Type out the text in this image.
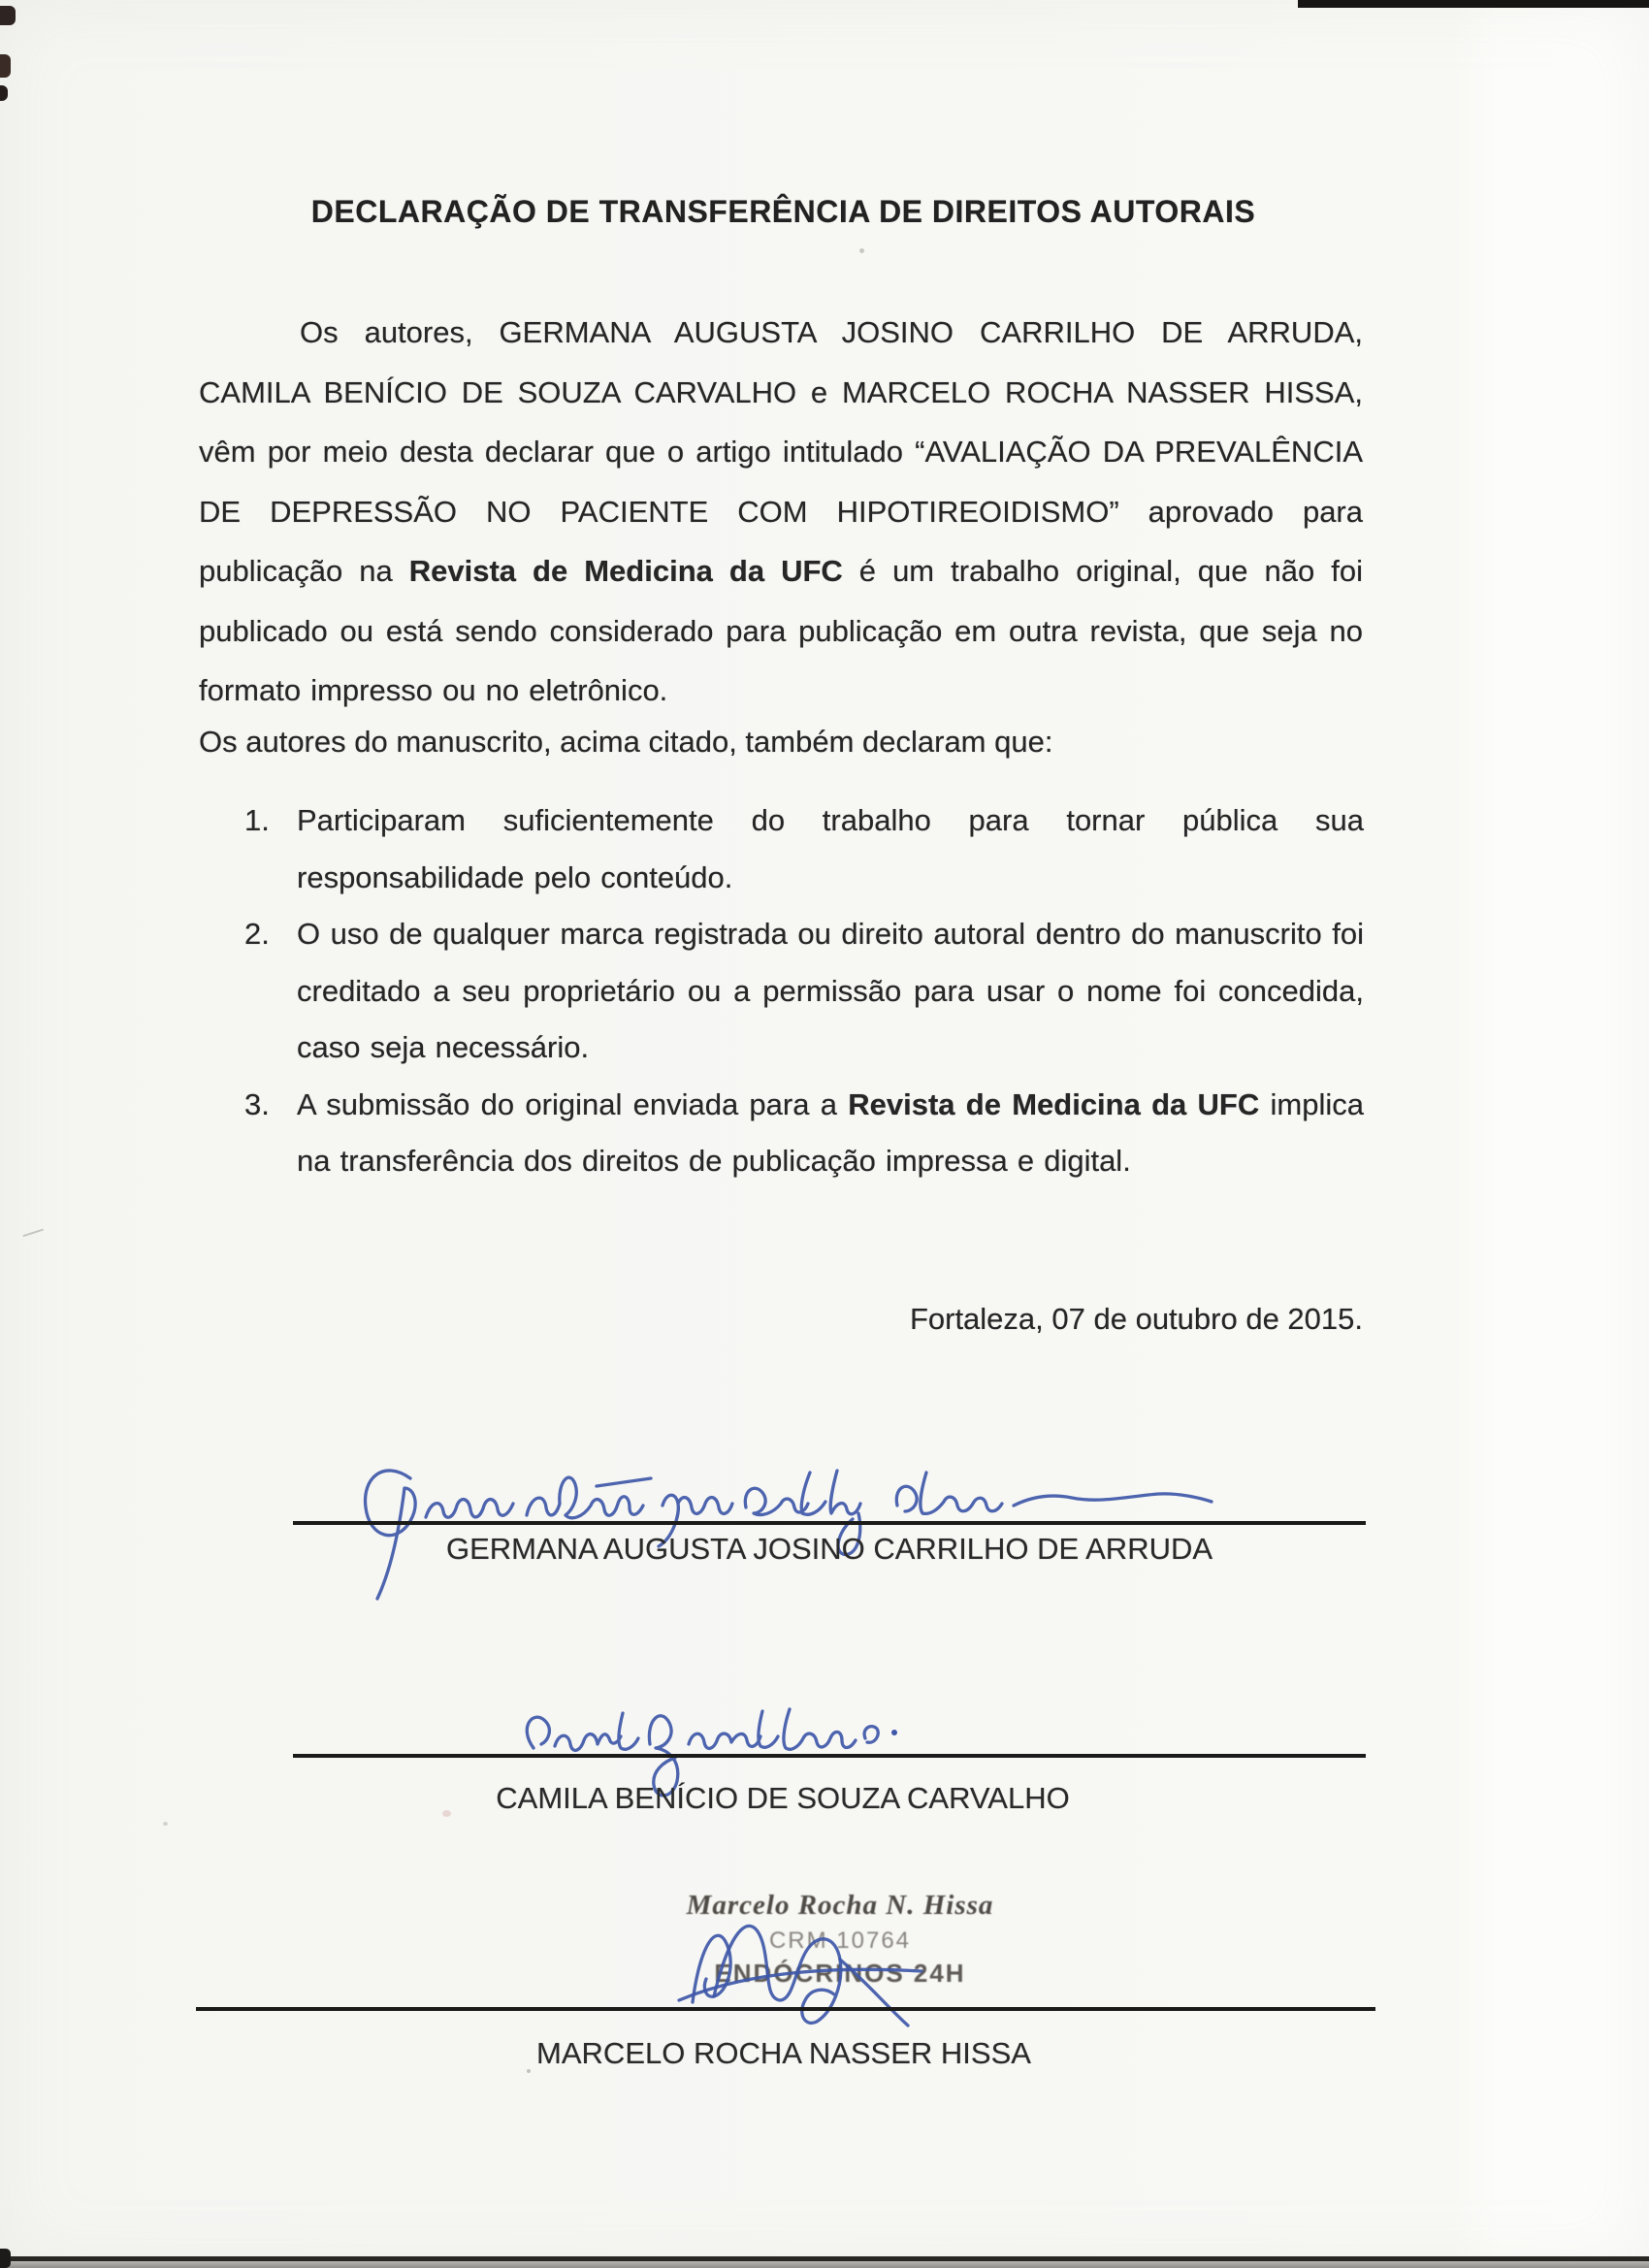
DECLARAÇÃO DE TRANSFERÊNCIA DE DIREITOS AUTORAIS

Os autores, GERMANA AUGUSTA JOSINO CARRILHO DE ARRUDA, CAMILA BENÍCIO DE SOUZA CARVALHO e MARCELO ROCHA NASSER HISSA, vêm por meio desta declarar que o artigo intitulado “AVALIAÇÃO DA PREVALÊNCIA DE DEPRESSÃO NO PACIENTE COM HIPOTIREOIDISMO” aprovado para publicação na Revista de Medicina da UFC é um trabalho original, que não foi publicado ou está sendo considerado para publicação em outra revista, que seja no formato impresso ou no eletrônico.

Os autores do manuscrito, acima citado, também declaram que:

1. Participaram suficientemente do trabalho para tornar pública sua responsabilidade pelo conteúdo.
2. O uso de qualquer marca registrada ou direito autoral dentro do manuscrito foi creditado a seu proprietário ou a permissão para usar o nome foi concedida, caso seja necessário.
3. A submissão do original enviada para a Revista de Medicina da UFC implica na transferência dos direitos de publicação impressa e digital.

Fortaleza, 07 de outubro de 2015.

GERMANA AUGUSTA JOSINO CARRILHO DE ARRUDA

CAMILA BENÍCIO DE SOUZA CARVALHO

Marcelo Rocha N. Hissa
CRM 10764
ENDÓCRINOS 24H

MARCELO ROCHA NASSER HISSA
